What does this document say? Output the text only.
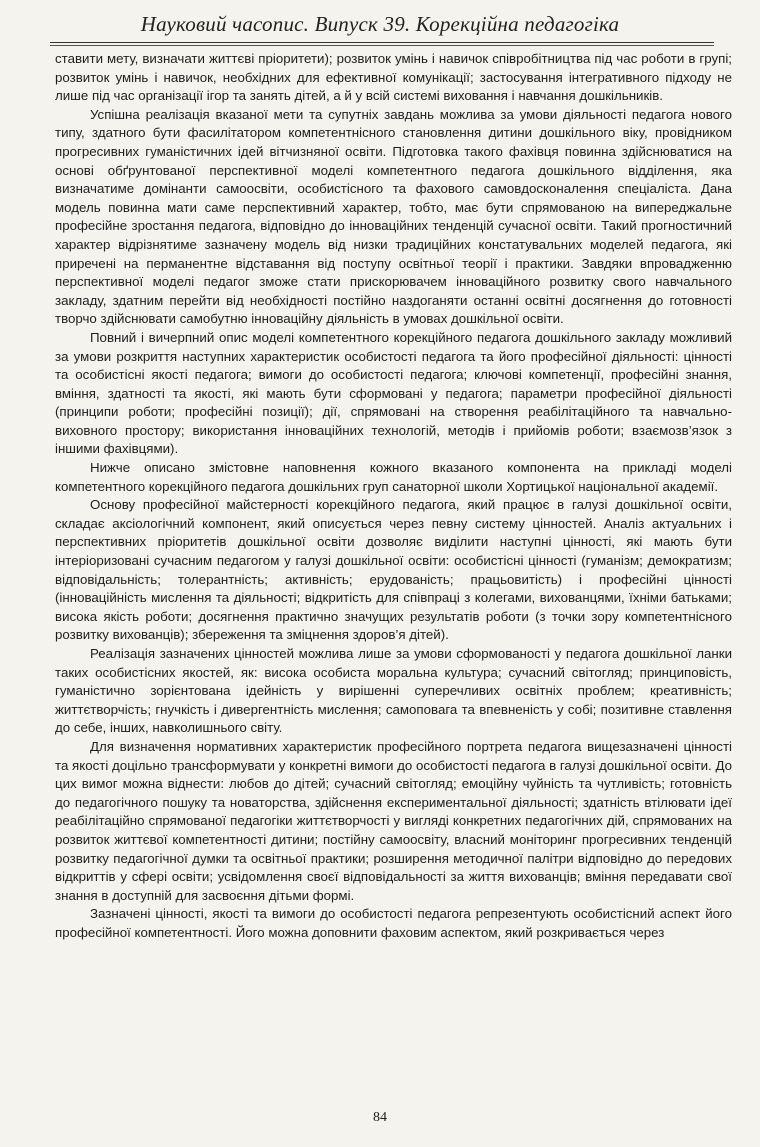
Науковий часопис. Випуск 39. Корекційна педагогіка

ставити мету, визначати життєві пріоритети); розвиток умінь і навичок співробітництва під час роботи в групі; розвиток умінь і навичок, необхідних для ефективної комунікації; застосування інтегративного підходу не лише під час організації ігор та занять дітей, а й у всій системі виховання і навчання дошкільників.

Успішна реалізація вказаної мети та супутніх завдань можлива за умови діяльності педагога нового типу, здатного бути фасилітатором компетентнісного становлення дитини дошкільного віку, провідником прогресивних гуманістичних ідей вітчизняної освіти. Підготовка такого фахівця повинна здійснюватися на основі обґрунтованої перспективної моделі компетентного педагога дошкільного відділення, яка визначатиме домінанти самоосвіти, особистісного та фахового самовдосконалення спеціаліста. Дана модель повинна мати саме перспективний характер, тобто, має бути спрямованою на випереджальне професійне зростання педагога, відповідно до інноваційних тенденцій сучасної освіти. Такий прогностичний характер відрізнятиме зазначену модель від низки традиційних констатувальних моделей педагога, які приречені на перманентне відставання від поступу освітньої теорії і практики. Завдяки впровадженню перспективної моделі педагог зможе стати прискорювачем інноваційного розвитку свого навчального закладу, здатним перейти від необхідності постійно наздоганяти останні освітні досягнення до готовності творчо здійснювати самобутню інноваційну діяльність в умовах дошкільної освіти.

Повний і вичерпний опис моделі компетентного корекційного педагога дошкільного закладу можливий за умови розкриття наступних характеристик особистості педагога та його професійної діяльності: цінності та особистісні якості педагога; вимоги до особистості педагога; ключові компетенції, професійні знання, вміння, здатності та якості, які мають бути сформовані у педагога; параметри професійної діяльності (принципи роботи; професійні позиції); дії, спрямовані на створення реабілітаційного та навчально-виховного простору; використання інноваційних технологій, методів і прийомів роботи; взаємозв’язок з іншими фахівцями).

Нижче описано змістовне наповнення кожного вказаного компонента на прикладі моделі компетентного корекційного педагога дошкільних груп санаторної школи Хортицької національної академії.

Основу професійної майстерності корекційного педагога, який працює в галузі дошкільної освіти, складає аксіологічний компонент, який описується через певну систему цінностей. Аналіз актуальних і перспективних пріоритетів дошкільної освіти дозволяє виділити наступні цінності, які мають бути інтеріоризовані сучасним педагогом у галузі дошкільної освіти: особистісні цінності (гуманізм; демократизм; відповідальність; толерантність; активність; ерудованість; працьовитість) і професійні цінності (інноваційність мислення та діяльності; відкритість для співпраці з колегами, вихованцями, їхніми батьками; висока якість роботи; досягнення практично значущих результатів роботи (з точки зору компетентнісного розвитку вихованців); збереження та зміцнення здоров’я дітей).

Реалізація зазначених цінностей можлива лише за умови сформованості у педагога дошкільної ланки таких особистісних якостей, як: висока особиста моральна культура; сучасний світогляд; принциповість, гуманістично зорієнтована ідейність у вирішенні суперечливих освітніх проблем; креативність; життєтворчість; гнучкість і дивергентність мислення; самоповага та впевненість у собі; позитивне ставлення до себе, інших, навколишнього світу.

Для визначення нормативних характеристик професійного портрета педагога вищезазначені цінності та якості доцільно трансформувати у конкретні вимоги до особистості педагога в галузі дошкільної освіти. До цих вимог можна віднести: любов до дітей; сучасний світогляд; емоційну чуйність та чутливість; готовність до педагогічного пошуку та новаторства, здійснення експериментальної діяльності; здатність втілювати ідеї реабілітаційно спрямованої педагогіки життєтворчості у вигляді конкретних педагогічних дій, спрямованих на розвиток життєвої компетентності дитини; постійну самоосвіту, власний моніторинг прогресивних тенденцій розвитку педагогічної думки та освітньої практики; розширення методичної палітри відповідно до передових відкриттів у сфері освіти; усвідомлення своєї відповідальності за життя вихованців; вміння передавати свої знання в доступній для засвоєння дітьми формі.

Зазначені цінності, якості та вимоги до особистості педагога репрезентують особистісний аспект його професійної компетентності. Його можна доповнити фаховим аспектом, який розкривається через

84
